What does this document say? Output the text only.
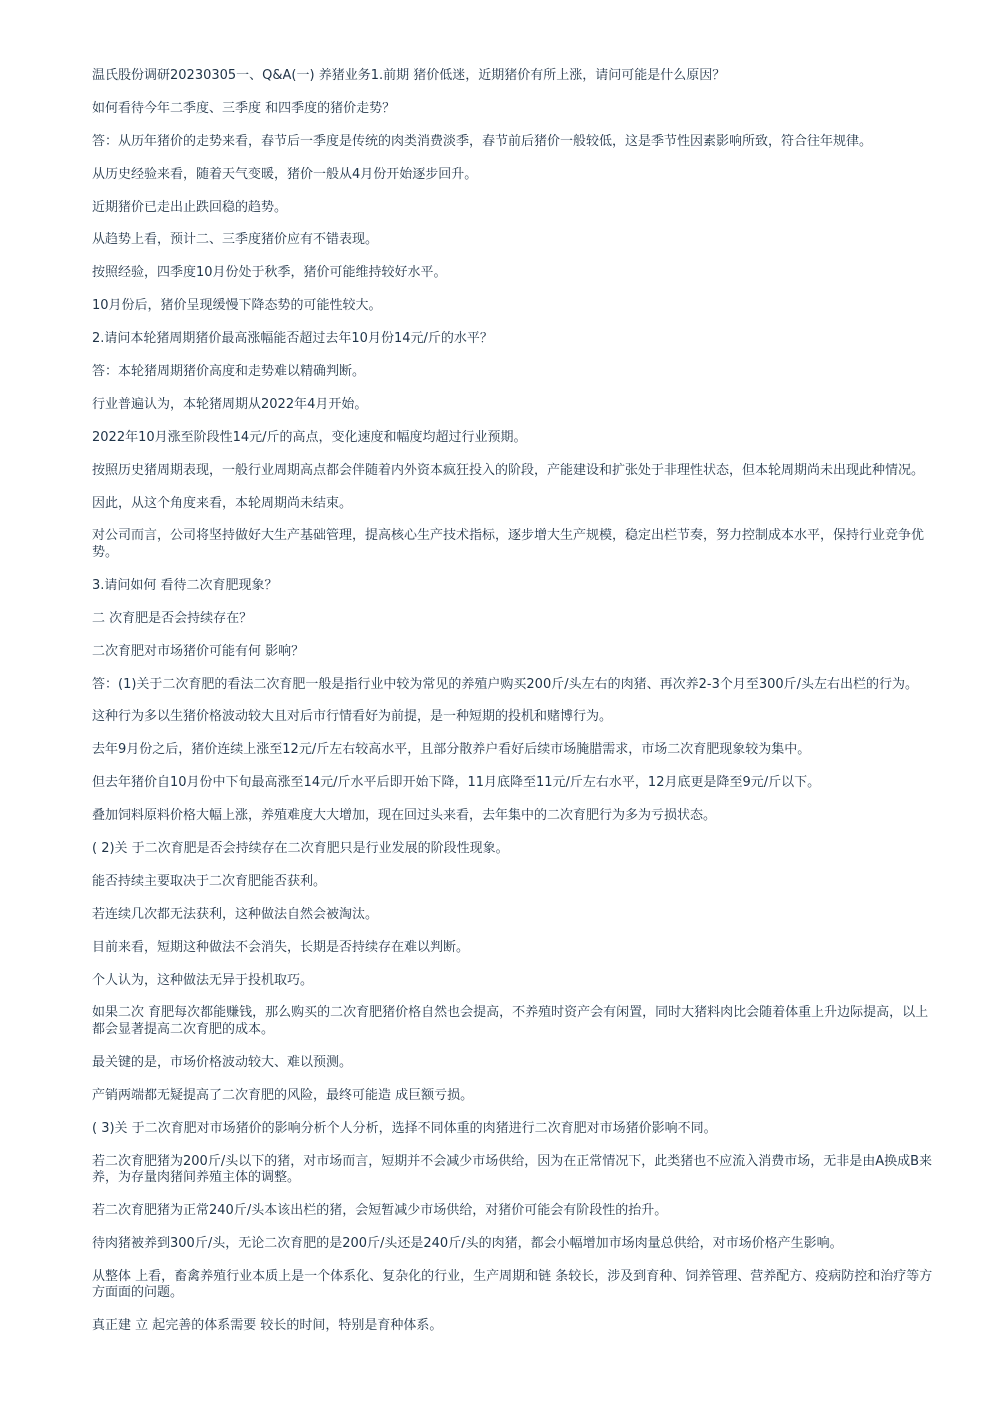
温氏股份调研20230305一、Q&A(一) 养猪业务1.前期 猪价低迷，近期猪价有所上涨，请问可能是什么原因？

如何看待今年二季度、三季度 和四季度的猪价走势？

答：从历年猪价的走势来看，春节后一季度是传统的肉类消费淡季，春节前后猪价一般较低，这是季节性因素影响所致，符合往年规律。

从历史经验来看，随着天气变暖，猪价一般从4月份开始逐步回升。

近期猪价已走出止跌回稳的趋势。

从趋势上看，预计二、三季度猪价应有不错表现。

按照经验，四季度10月份处于秋季，猪价可能维持较好水平。

10月份后，猪价呈现缓慢下降态势的可能性较大。

2.请问本轮猪周期猪价最高涨幅能否超过去年10月份14元/斤的水平？

答：本轮猪周期猪价高度和走势难以精确判断。

行业普遍认为，本轮猪周期从2022年4月开始。

2022年10月涨至阶段性14元/斤的高点，变化速度和幅度均超过行业预期。

按照历史猪周期表现，一般行业周期高点都会伴随着内外资本疯狂投入的阶段，产能建设和扩张处于非理性状态，但本轮周期尚未出现此种情况。

因此，从这个角度来看，本轮周期尚未结束。

对公司而言，公司将坚持做好大生产基础管理，提高核心生产技术指标，逐步增大生产规模，稳定出栏节奏，努力控制成本水平，保持行业竞争优势。

3.请问如何 看待二次育肥现象？

二 次育肥是否会持续存在？

二次育肥对市场猪价可能有何 影响？

答：(1)关于二次育肥的看法二次育肥一般是指行业中较为常见的养殖户购买200斤/头左右的肉猪、再次养2-3个月至300斤/头左右出栏的行为。

这种行为多以生猪价格波动较大且对后市行情看好为前提，是一种短期的投机和赌博行为。

去年9月份之后，猪价连续上涨至12元/斤左右较高水平，且部分散养户看好后续市场腌腊需求，市场二次育肥现象较为集中。

但去年猪价自10月份中下旬最高涨至14元/斤水平后即开始下降，11月底降至11元/斤左右水平，12月底更是降至9元/斤以下。

叠加饲料原料价格大幅上涨，养殖难度大大增加，现在回过头来看，去年集中的二次育肥行为多为亏损状态。

( 2)关 于二次育肥是否会持续存在二次育肥只是行业发展的阶段性现象。

能否持续主要取决于二次育肥能否获利。

若连续几次都无法获利，这种做法自然会被淘汰。

目前来看，短期这种做法不会消失，长期是否持续存在难以判断。

个人认为，这种做法无异于投机取巧。

如果二次 育肥每次都能赚钱，那么购买的二次育肥猪价格自然也会提高，不养殖时资产会有闲置，同时大猪料肉比会随着体重上升边际提高，以上都会显著提高二次育肥的成本。

最关键的是，市场价格波动较大、难以预测。

产销两端都无疑提高了二次育肥的风险，最终可能造 成巨额亏损。

( 3)关 于二次育肥对市场猪价的影响分析个人分析，选择不同体重的肉猪进行二次育肥对市场猪价影响不同。

若二次育肥猪为200斤/头以下的猪，对市场而言，短期并不会减少市场供给，因为在正常情况下，此类猪也不应流入消费市场，无非是由A换成B来养，为存量肉猪间养殖主体的调整。

若二次育肥猪为正常240斤/头本该出栏的猪，会短暂减少市场供给，对猪价可能会有阶段性的抬升。

待肉猪被养到300斤/头，无论二次育肥的是200斤/头还是240斤/头的肉猪，都会小幅增加市场肉量总供给，对市场价格产生影响。

从整体 上看，畜禽养殖行业本质上是一个体系化、复杂化的行业，生产周期和链 条较长，涉及到育种、饲养管理、营养配方、疫病防控和治疗等方方面面的问题。

真正建 立 起完善的体系需要 较长的时间，特别是育种体系。
